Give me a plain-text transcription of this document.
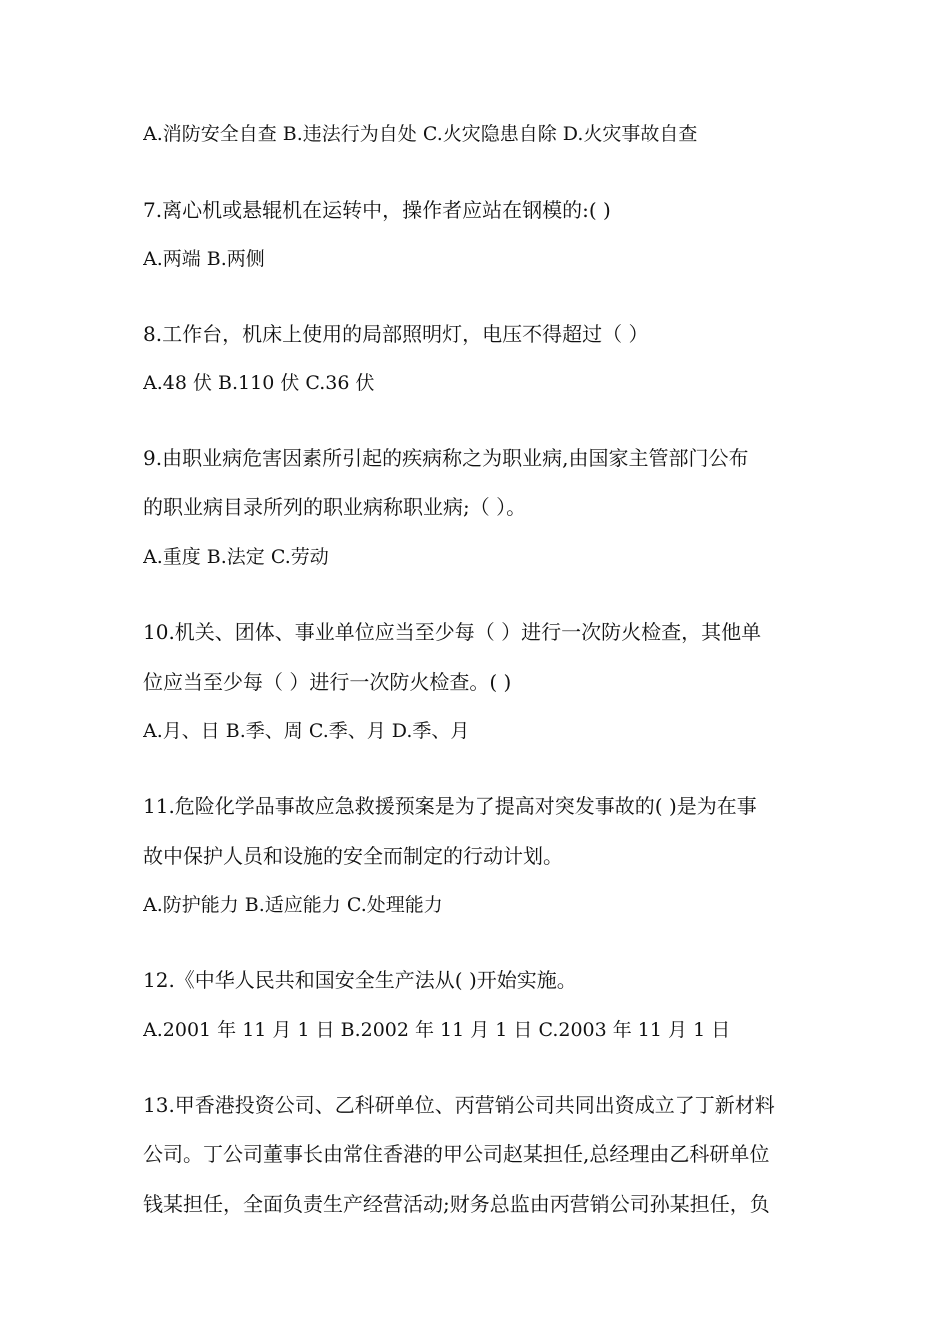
A.消防安全自查 B.违法行为自处 C.火灾隐患自除 D.火灾事故自查
7.离心机或悬辊机在运转中，操作者应站在钢模的:( )
A.两端 B.两侧
8.工作台，机床上使用的局部照明灯，电压不得超过（ ）
A.48 伏 B.110 伏 C.36 伏
9.由职业病危害因素所引起的疾病称之为职业病,由国家主管部门公布
的职业病目录所列的职业病称职业病;（ ）。
A.重度 B.法定 C.劳动
10.机关、团体、事业单位应当至少每（ ）进行一次防火检查，其他单
位应当至少每（ ）进行一次防火检查。( )
A.月、日 B.季、周 C.季、月 D.季、月
11.危险化学品事故应急救援预案是为了提高对突发事故的( )是为在事
故中保护人员和设施的安全而制定的行动计划。
A.防护能力 B.适应能力 C.处理能力
12.《中华人民共和国安全生产法从( )开始实施。
A.2001 年 11 月 1 日 B.2002 年 11 月 1 日 C.2003 年 11 月 1 日
13.甲香港投资公司、乙科研单位、丙营销公司共同出资成立了丁新材料
公司。丁公司董事长由常住香港的甲公司赵某担任,总经理由乙科研单位
钱某担任，全面负责生产经营活动;财务总监由丙营销公司孙某担任，负
